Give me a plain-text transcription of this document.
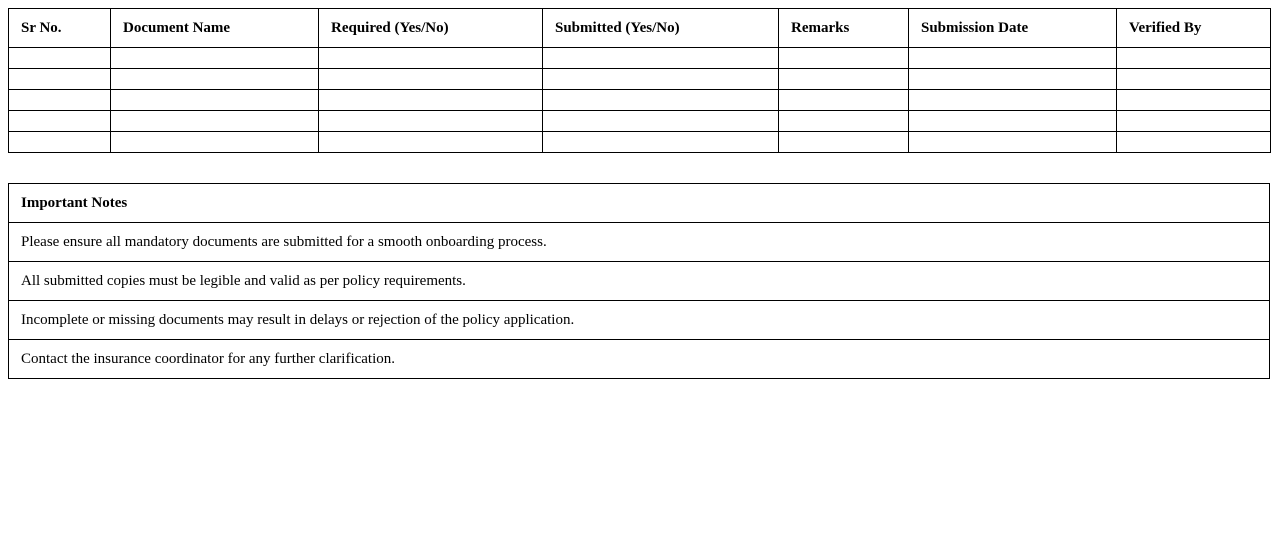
Sr No.	Document Name	Required (Yes/No)	Submitted (Yes/No)	Remarks	Submission Date	Verified By

Important Notes
Please ensure all mandatory documents are submitted for a smooth onboarding process.
All submitted copies must be legible and valid as per policy requirements.
Incomplete or missing documents may result in delays or rejection of the policy application.
Contact the insurance coordinator for any further clarification.
